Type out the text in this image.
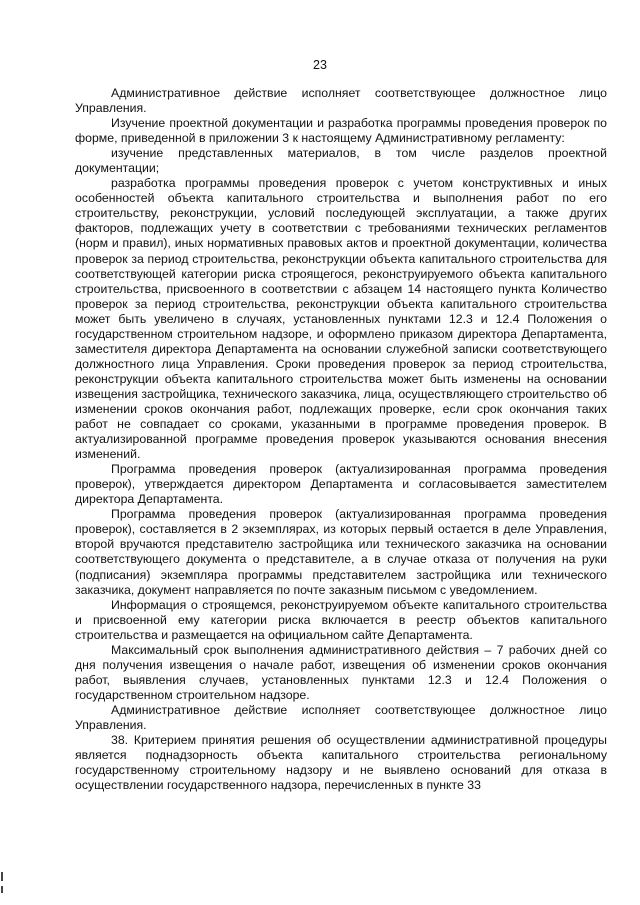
23

Административное действие исполняет соответствующее должностное лицо Управления.

Изучение проектной документации и разработка программы проведения проверок по форме, приведенной в приложении 3 к настоящему Административному регламенту:

изучение представленных материалов, в том числе разделов проектной документации;

разработка программы проведения проверок с учетом конструктивных и иных особенностей объекта капитального строительства и выполнения работ по его строительству, реконструкции, условий последующей эксплуатации, а также других факторов, подлежащих учету в соответствии с требованиями технических регламентов (норм и правил), иных нормативных правовых актов и проектной документации, количества проверок за период строительства, реконструкции объекта капитального строительства для соответствующей категории риска строящегося, реконструируемого объекта капитального строительства, присвоенного в соответствии с абзацем 14 настоящего пункта Количество проверок за период строительства, реконструкции объекта капитального строительства может быть увеличено в случаях, установленных пунктами 12.3 и 12.4 Положения о государственном строительном надзоре, и оформлено приказом директора Департамента, заместителя директора Департамента на основании служебной записки соответствующего должностного лица Управления. Сроки проведения проверок за период строительства, реконструкции объекта капитального строительства может быть изменены на основании извещения застройщика, технического заказчика, лица, осуществляющего строительство об изменении сроков окончания работ, подлежащих проверке, если срок окончания таких работ не совпадает со сроками, указанными в программе проведения проверок. В актуализированной программе проведения проверок указываются основания внесения изменений.

Программа проведения проверок (актуализированная программа проведения проверок), утверждается директором Департамента и согласовывается заместителем директора Департамента.

Программа проведения проверок (актуализированная программа проведения проверок), составляется в 2 экземплярах, из которых первый остается в деле Управления, второй вручаются представителю застройщика или технического заказчика на основании соответствующего документа о представителе, а в случае отказа от получения на руки (подписания) экземпляра программы представителем застройщика или технического заказчика, документ направляется по почте заказным письмом с уведомлением.

Информация о строящемся, реконструируемом объекте капитального строительства и присвоенной ему категории риска включается в реестр объектов капитального строительства и размещается на официальном сайте Департамента.

Максимальный срок выполнения административного действия – 7 рабочих дней со дня получения извещения о начале работ, извещения об изменении сроков окончания работ, выявления случаев, установленных пунктами 12.3 и 12.4 Положения о государственном строительном надзоре.

Административное действие исполняет соответствующее должностное лицо Управления.

38. Критерием принятия решения об осуществлении административной процедуры является поднадзорность объекта капитального строительства региональному государственному строительному надзору и не выявлено оснований для отказа в осуществлении государственного надзора, перечисленных в пункте 33
